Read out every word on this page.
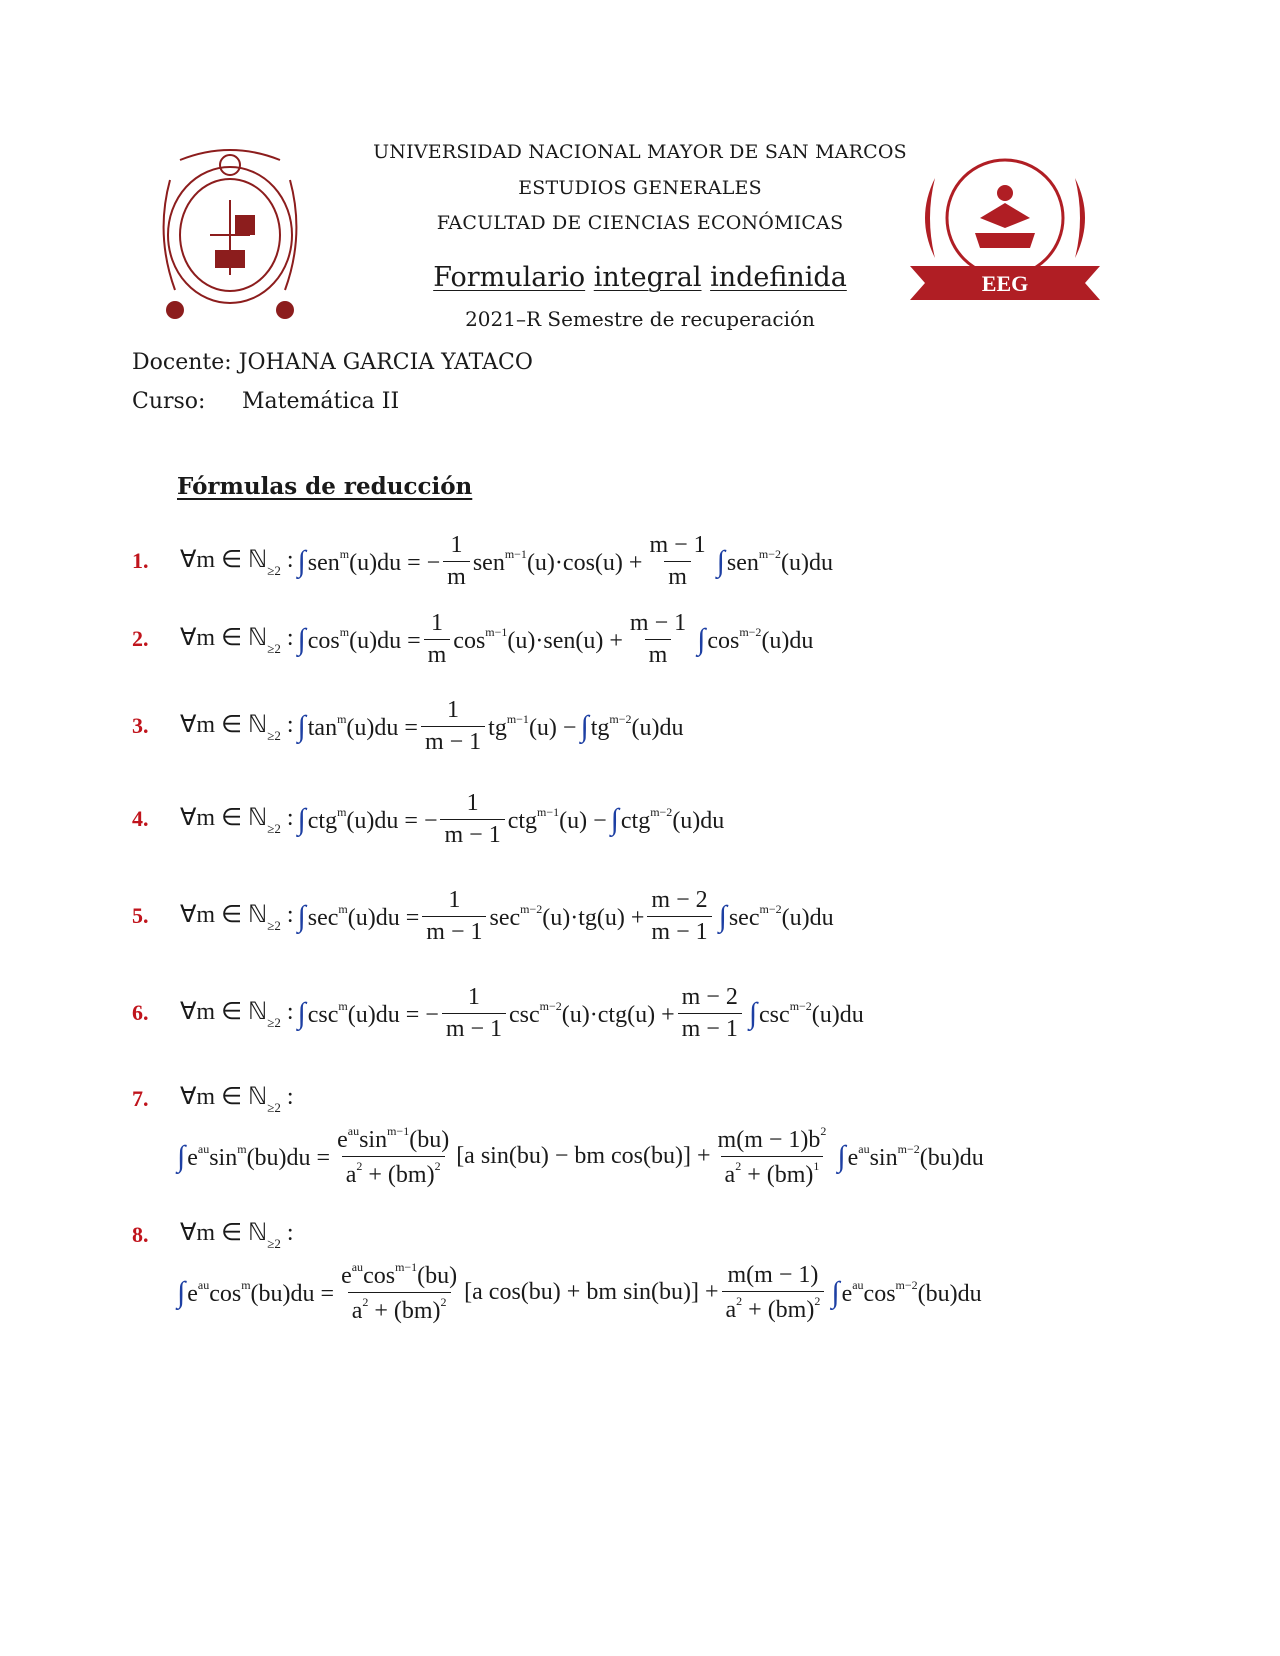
EEG
UNIVERSIDAD NACIONAL MAYOR DE SAN MARCOS
ESTUDIOS GENERALES
FACULTAD DE CIENCIAS ECONÓMICAS
Formulario integral indefinida
2021–R Semestre de recuperación
Docente: JOHANA GARCIA YATACO
Curso: Matemática II
Fórmulas de reducción
1.
2.
3.
4.
5.
6.
7.
8.
∀m ∈ ℕ$_{\ge 2}$ : ∫ sen$^m$(u)du = − $\frac{1}{m} sen^{m-1}(u)\cdot\cos(u) + \frac{m - 1}{m}$ ∫ sen$^{m-2}$(u)du
∀m ∈ ℕ$_{\ge 2}$ : ∫ $\cos^m(u)du = \frac{1}{m} \cos^{m-1}(u)\cdot sen(u) + \frac{m - 1}{m}$ ∫ $\cos^{m-2}(u)du$
∀m ∈ ℕ$_{\ge 2}$ : ∫ $\tan^m(u)du = \frac{1}{m - 1} tg^{m-1}(u)$ − ∫ $tg^{m-2}(u)du$
∀m ∈ ℕ$_{\ge 2}$ : ∫ ctg$^m$(u)du = − $\frac{1}{m - 1} ctg^{m-1}(u)$ − ∫ ctg$^{m-2}$(u)du
∀m ∈ ℕ$_{\ge 2}$ : ∫ $\sec^m(u)du = \frac{1}{m - 1} \sec^{m-2}(u)\cdot tg(u) + \frac{m - 2}{m - 1}$ ∫ $\sec^{m-2}(u)du$
∀m ∈ ℕ$_{\ge 2}$ : ∫ $\csc^m(u)du$ = − $\frac{1}{m - 1} \csc^{m-2}(u)\cdot ctg(u) + \frac{m - 2}{m - 1}$ ∫ $\csc^{m-2}(u)du$
∀m ∈ ℕ$_{\ge 2}$ :
∫ $e^{au}\sin^m(bu)du = \frac{e^{au}\sin^{m-1}(bu)}{a^2 + (bm)^2} [a$ sin(bu) − bm $\cos(bu)] + \frac{m(m - 1)b^2}{a^2 + (bm)^1}$ ∫ $e^{au}\sin^{m-2}(bu)du$
∀m ∈ ℕ$_{\ge 2}$ :
∫ $e^{au}\cos^m(bu)du = \frac{e^{au}\cos^{m-1}(bu)}{a^2 + (bm)^2} [a$ cos(bu) + bm $\sin(bu)] + \frac{m(m - 1)}{a^2 + (bm)^2}$ ∫ $e^{au}\cos^{m-2}(bu)du$
